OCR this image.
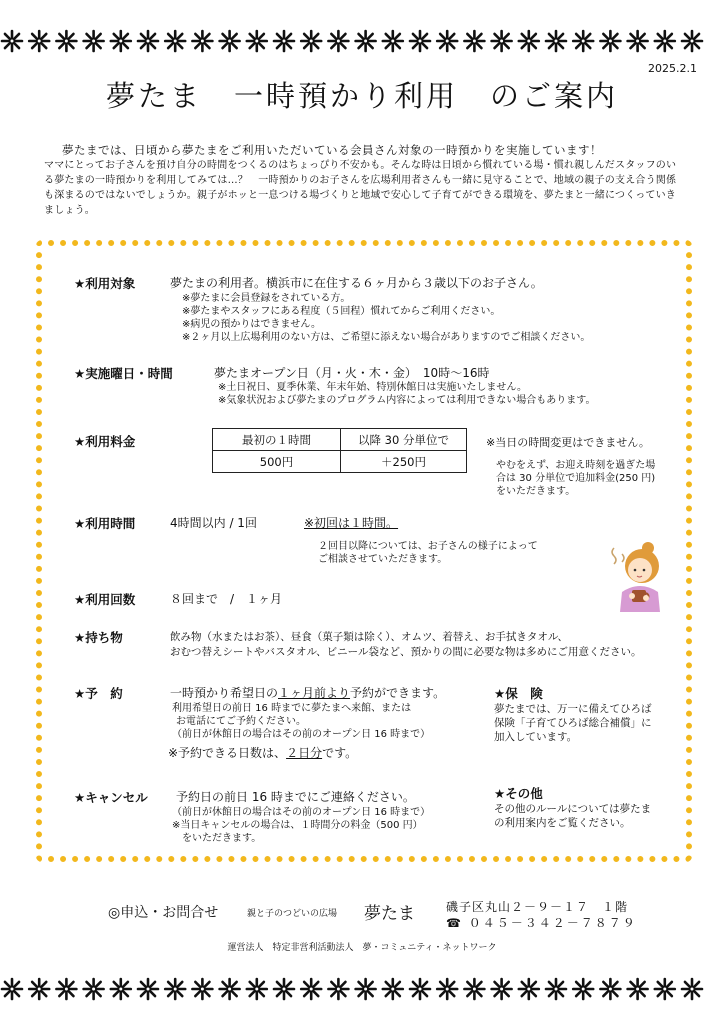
2025.2.1
夢たま　一時預かり利用　のご案内
夢たまでは、日頃から夢たまをご利用いただいている会員さん対象の一時預かりを実施しています！
ママにとってお子さんを預け自分の時間をつくるのはちょっぴり不安かも。そんな時は日頃から慣れている場・慣れ親しんだスタッフのいる夢たまの一時預かりを利用してみては…？　一時預かりのお子さんを広場利用者さんも一緒に見守ることで、地域の親子の支え合う関係も深まるのではないでしょうか。親子がホッと一息つける場づくりと地域で安心して子育てができる環境を、夢たまと一緒につくっていきましょう。
★利用対象	夢たまの利用者。横浜市に在住する６ヶ月から３歳以下のお子さん。
※夢たまに会員登録をされている方。
※夢たまやスタッフにある程度（５回程）慣れてからご利用ください。
※病児の預かりはできません。
※２ヶ月以上広場利用のない方は、ご希望に添えない場合がありますのでご相談ください。
★実施曜日・時間	夢たまオープン日（月・火・木・金）　10時～16時
※土日祝日、夏季休業、年末年始、特別休館日は実施いたしません。
※気象状況および夢たまのプログラム内容によっては利用できない場合もあります。
★利用料金	最初の１時間	以降 30 分単位で
500円	＋250円
※当日の時間変更はできません。
やむをえず、お迎え時刻を過ぎた場
合は 30 分単位で追加料金(250 円)
をいただきます。
★利用時間	4時間以内 / 1回	※初回は１時間。
２回目以降については、お子さんの様子によって
ご相談させていただきます。
★利用回数	８回まで　/　１ヶ月
★持ち物	飲み物（水またはお茶）、昼食（菓子類は除く）、オムツ、着替え、お手拭きタオル、
おむつ替えシートやバスタオル、ビニール袋など、預かりの間に必要な物は多めにご用意ください。
★予　約	一時預かり希望日の１ヶ月前より予約ができます。
利用希望日の前日 16 時までに夢たまへ来館、または
お電話にてご予約ください。
（前日が休館日の場合はその前のオープン日 16 時まで）
※予約できる日数は、２日分です。
★保　険
夢たまでは、万一に備えてひろば
保険「子育てひろば総合補償」に
加入しています。
★キャンセル 予約日の前日 16 時までにご連絡ください。
（前日が休館日の場合はその前のオープン日 16 時まで）
※当日キャンセルの場合は、１時間分の料金（500 円）
　をいただきます。
★その他
その他のルールについては夢たま
の利用案内をご覧ください。
◎申込・お問合せ	親と子のつどいの広場 夢たま	磯子区丸山２－９－１７　１階
☎ ０４５－３４２－７８７９
運営法人　特定非営利活動法人　夢・コミュニティ・ネットワーク
